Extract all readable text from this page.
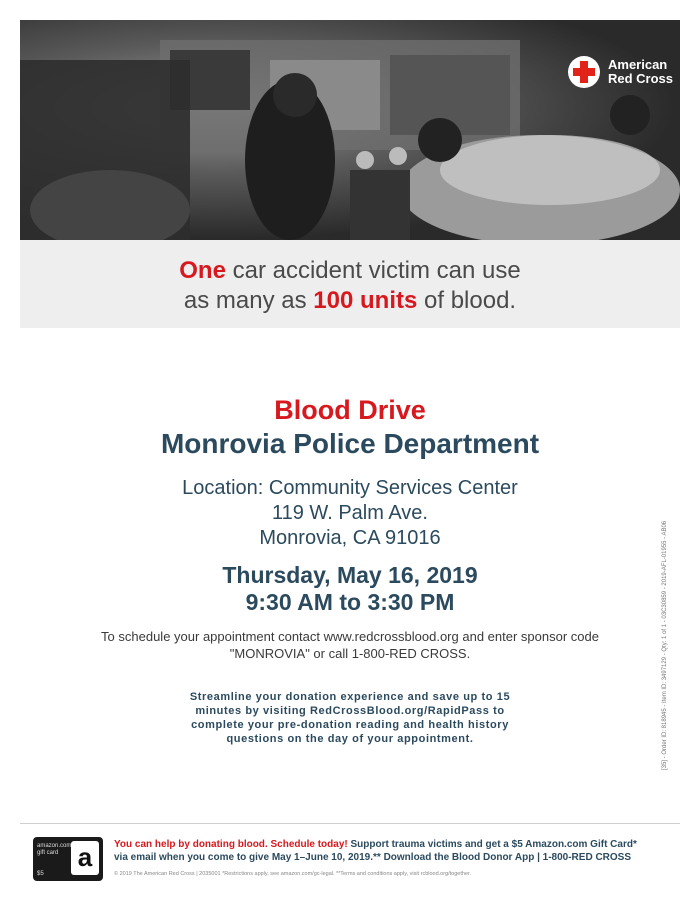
American
Red Cross
One car accident victim can use
as many as 100 units of blood.
Blood Drive
Monrovia Police Department
Location: Community Services Center
119 W. Palm Ave.
Monrovia, CA 91016
Thursday, May 16, 2019
9:30 AM to 3:30 PM
To schedule your appointment contact www.redcrossblood.org and enter sponsor code
"MONROVIA" or call 1-800-RED CROSS.
Streamline your donation experience and save up to 15
minutes by visiting RedCrossBlood.org/RapidPass to
complete your pre-donation reading and health history
questions on the day of your appointment.	[35] - Order ID: 818945 - Item ID: 3497129 - Qty: 1 of 1 - 03C30859 - 2019-AFL-01955 - AB06
amazon.com
gift card
$5
a	You can help by donating blood. Schedule today! Support trauma victims and get a $5 Amazon.com Gift Card*
via email when you come to give May 1–June 10, 2019.** Download the Blood Donor App | 1-800-RED CROSS
© 2019 The American Red Cross | 2035001 *Restrictions apply, see amazon.com/gc-legal. **Terms and conditions apply, visit rcblood.org/together.
